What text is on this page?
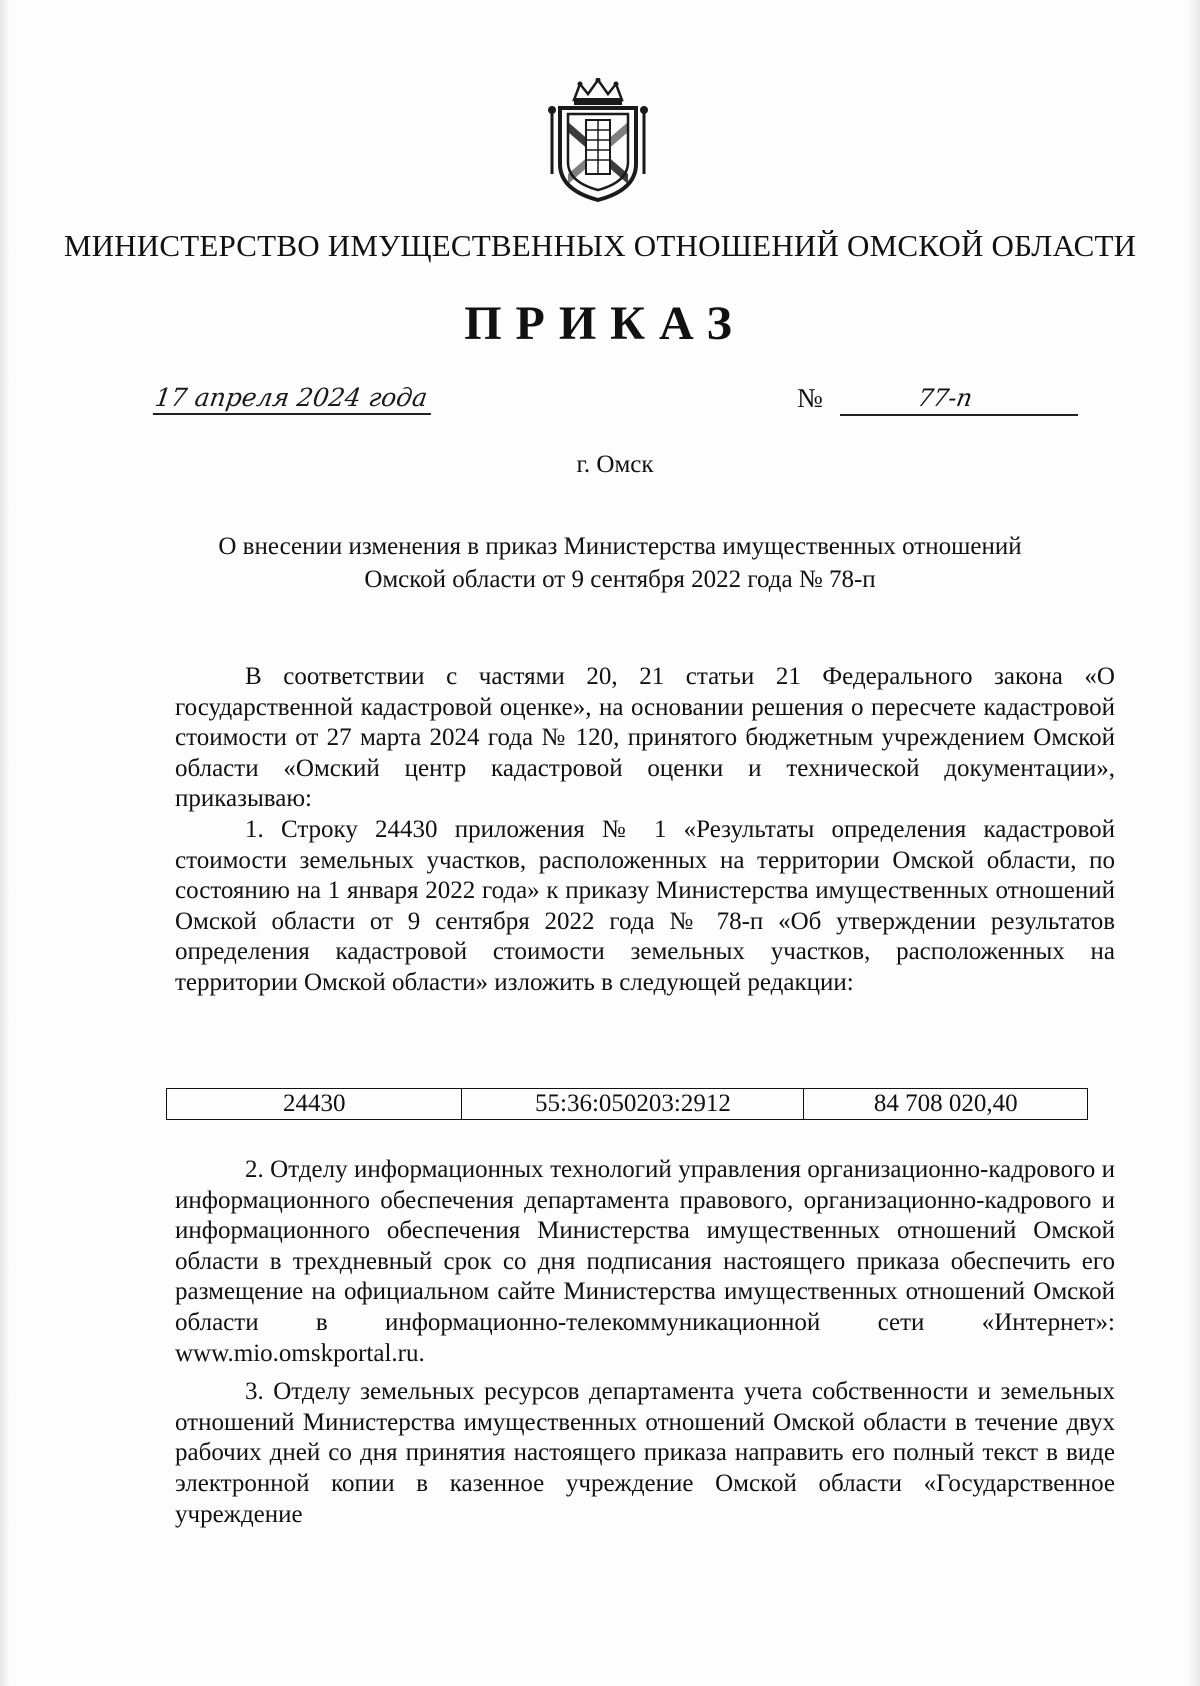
МИНИСТЕРСТВО ИМУЩЕСТВЕННЫХ ОТНОШЕНИЙ ОМСКОЙ ОБЛАСТИ
ПРИКАЗ
17 апреля 2024 года	№	77-п
г. Омск
О внесении изменения в приказ Министерства имущественных отношений
Омской области от 9 сентября 2022 года № 78-п

В соответствии с частями 20, 21 статьи 21 Федерального закона «О государственной кадастровой оценке», на основании решения о пересчете кадастровой стоимости от 27 марта 2024 года № 120, принятого бюджетным учреждением Омской области «Омский центр кадастровой оценки и технической документации», приказываю:

1. Строку 24430 приложения № 1 «Результаты определения кадастровой стоимости земельных участков, расположенных на территории Омской области, по состоянию на 1 января 2022 года» к приказу Министерства имущественных отношений Омской области от 9 сентября 2022 года № 78-п «Об утверждении результатов определения кадастровой стоимости земельных участков, расположенных на территории Омской области» изложить в следующей редакции:

24430	55:36:050203:2912	84 708 020,40

2. Отделу информационных технологий управления организационно-кадрового и информационного обеспечения департамента правового, организационно-кадрового и информационного обеспечения Министерства имущественных отношений Омской области в трехдневный срок со дня подписания настоящего приказа обеспечить его размещение на официальном сайте Министерства имущественных отношений Омской области в информационно-телекоммуникационной сети «Интернет»: www.mio.omskportal.ru.

3. Отделу земельных ресурсов департамента учета собственности и земельных отношений Министерства имущественных отношений Омской области в течение двух рабочих дней со дня принятия настоящего приказа направить его полный текст в виде электронной копии в казенное учреждение Омской области «Государственное учреждение
